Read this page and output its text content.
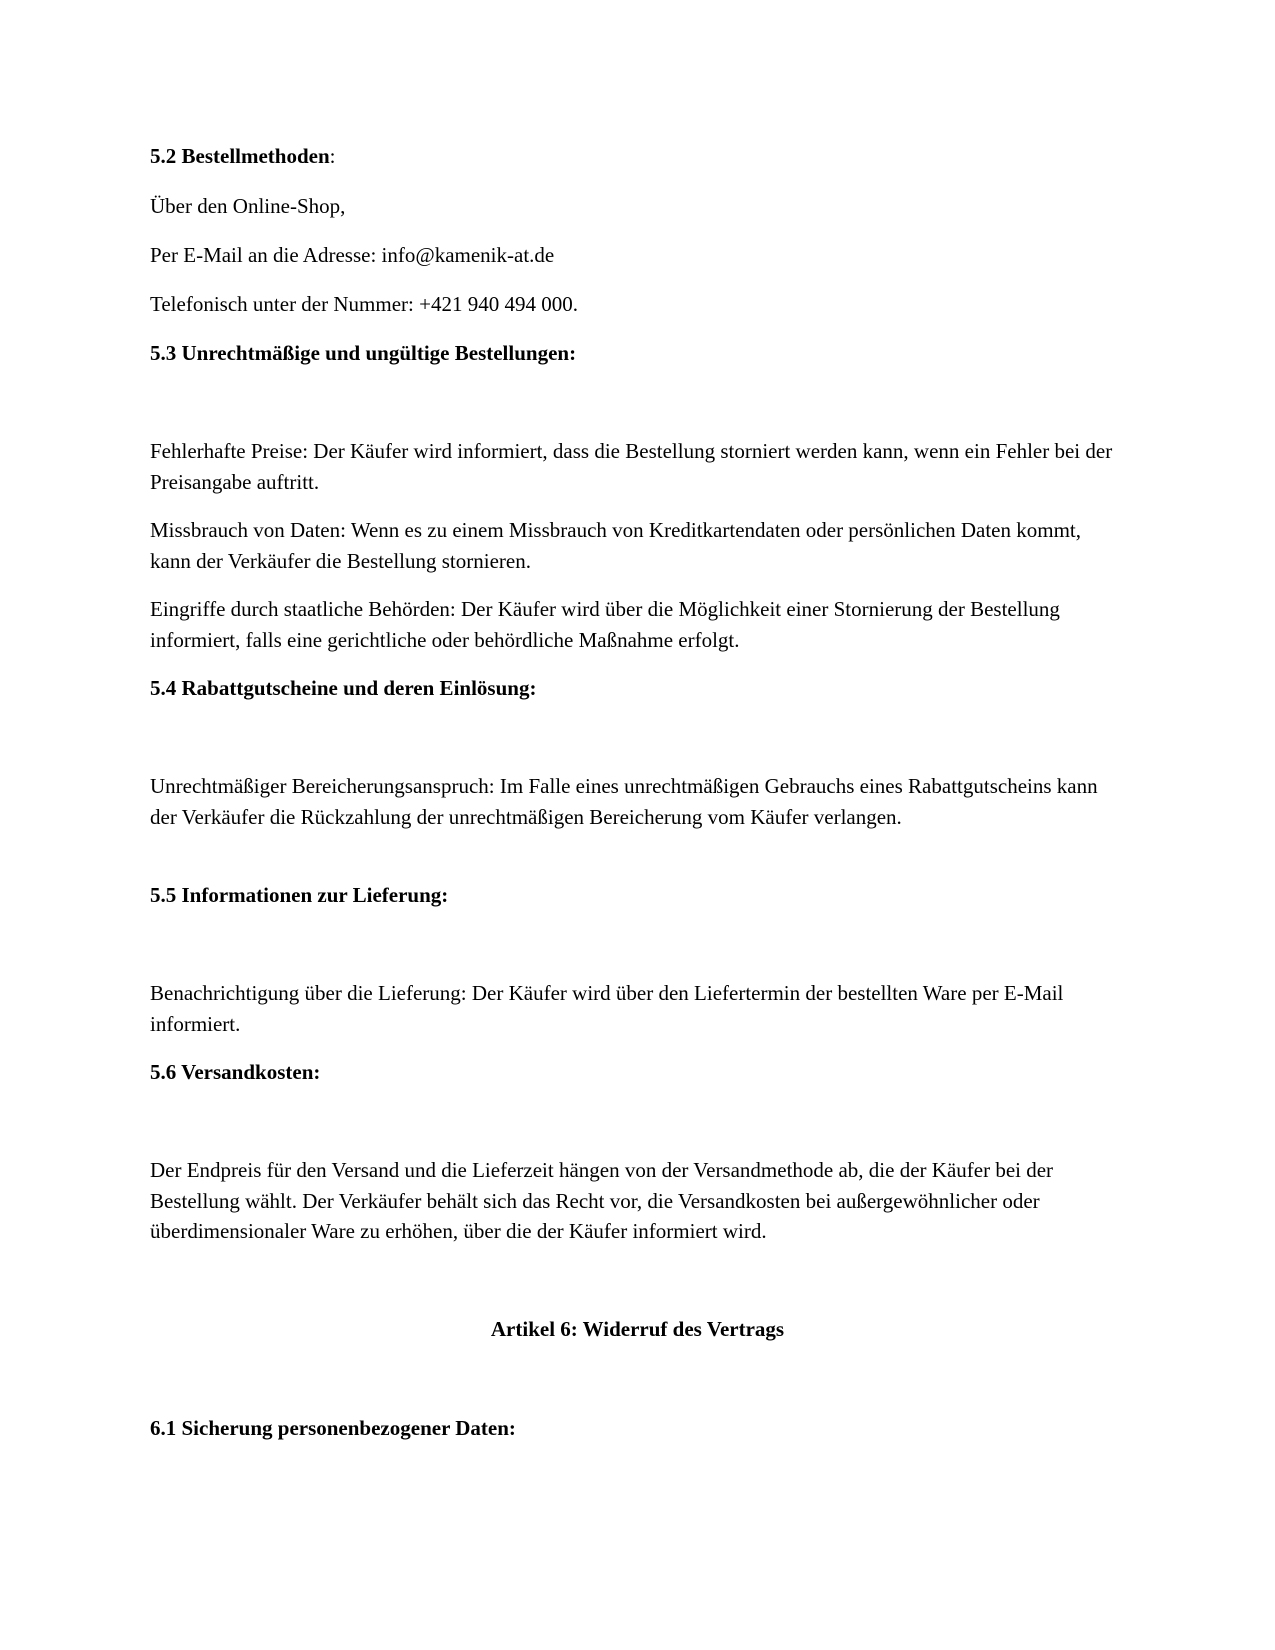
5.2 Bestellmethoden:
Über den Online-Shop,
Per E-Mail an die Adresse: info@kamenik-at.de
Telefonisch unter der Nummer: +421 940 494 000.
5.3 Unrechtmäßige und ungültige Bestellungen:
Fehlerhafte Preise: Der Käufer wird informiert, dass die Bestellung storniert werden kann, wenn ein Fehler bei der Preisangabe auftritt.
Missbrauch von Daten: Wenn es zu einem Missbrauch von Kreditkartendaten oder persönlichen Daten kommt, kann der Verkäufer die Bestellung stornieren.
Eingriffe durch staatliche Behörden: Der Käufer wird über die Möglichkeit einer Stornierung der Bestellung informiert, falls eine gerichtliche oder behördliche Maßnahme erfolgt.
5.4 Rabattgutscheine und deren Einlösung:
Unrechtmäßiger Bereicherungsanspruch: Im Falle eines unrechtmäßigen Gebrauchs eines Rabattgutscheins kann der Verkäufer die Rückzahlung der unrechtmäßigen Bereicherung vom Käufer verlangen.
5.5 Informationen zur Lieferung:
Benachrichtigung über die Lieferung: Der Käufer wird über den Liefertermin der bestellten Ware per E-Mail informiert.
5.6 Versandkosten:
Der Endpreis für den Versand und die Lieferzeit hängen von der Versandmethode ab, die der Käufer bei der Bestellung wählt. Der Verkäufer behält sich das Recht vor, die Versandkosten bei außergewöhnlicher oder überdimensionaler Ware zu erhöhen, über die der Käufer informiert wird.
Artikel 6: Widerruf des Vertrags
6.1 Sicherung personenbezogener Daten:
